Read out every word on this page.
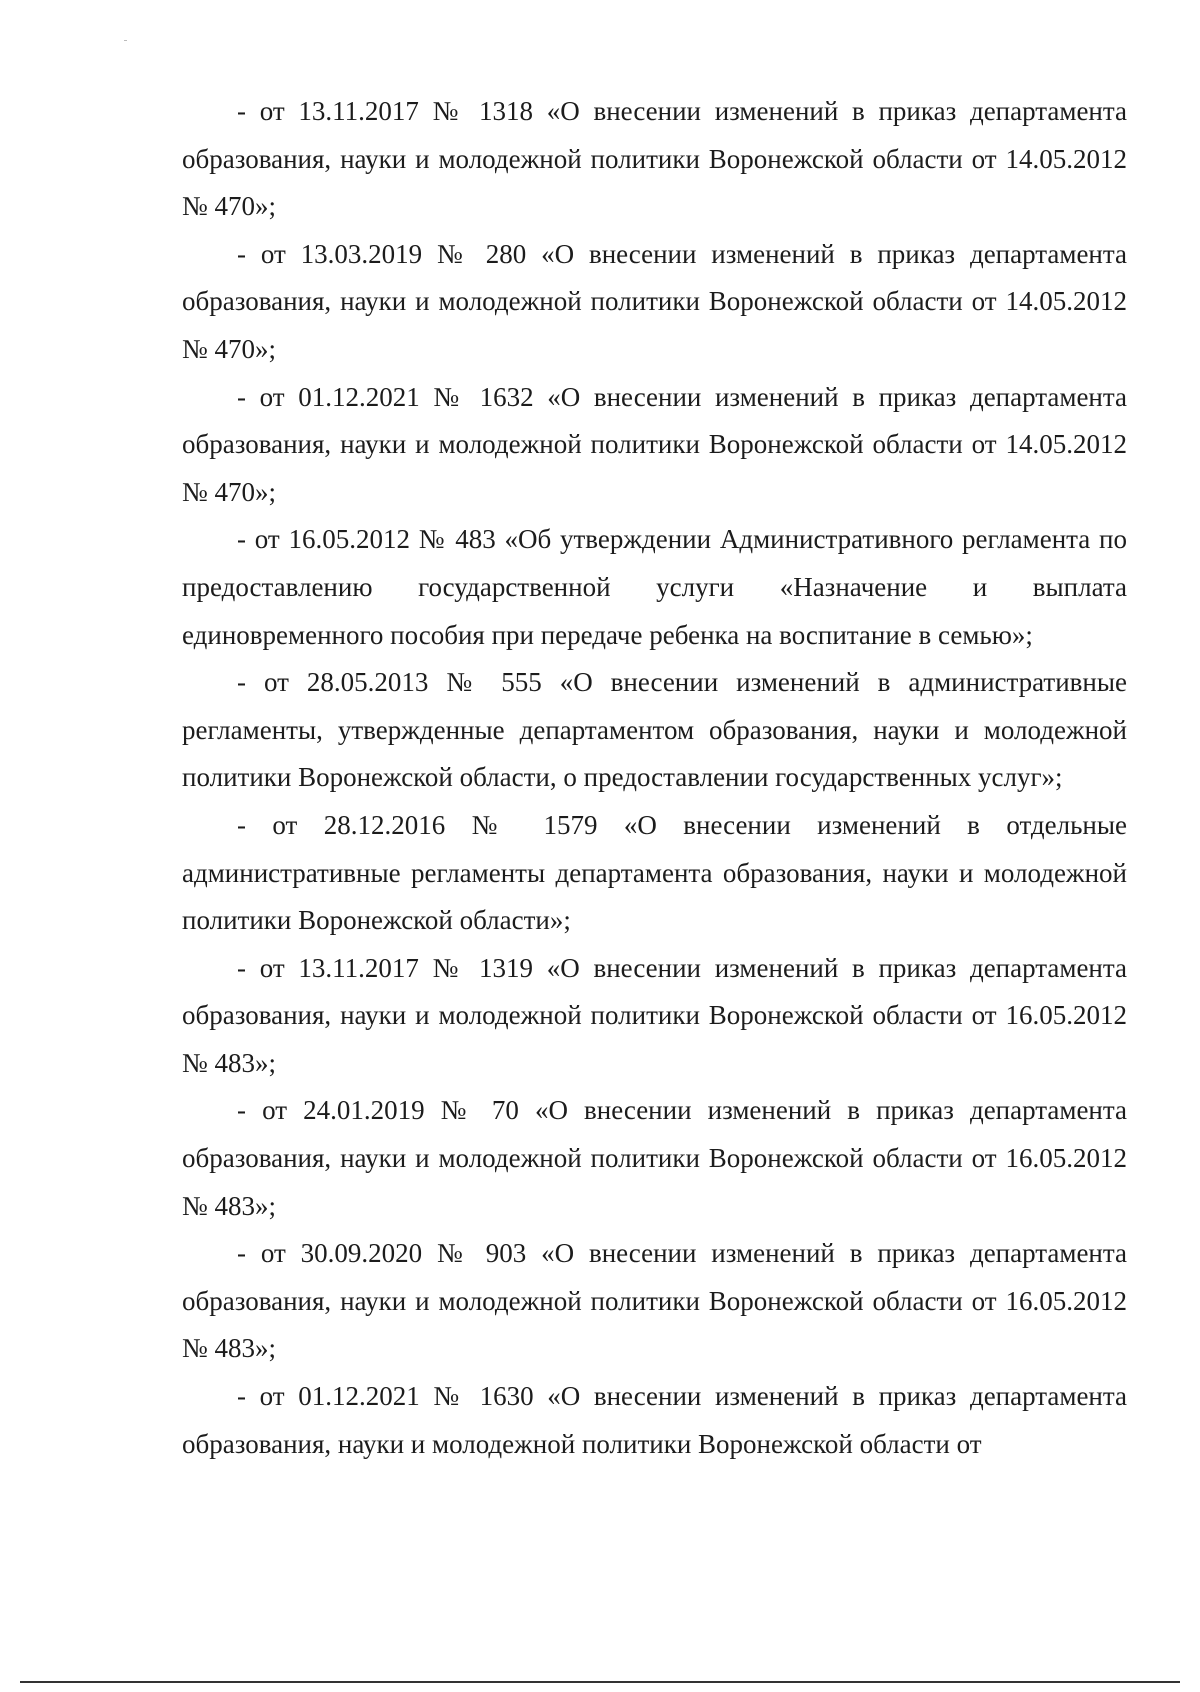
- от 13.11.2017 № 1318 «О внесении изменений в приказ департамента образования, науки и молодежной политики Воронежской области от 14.05.2012 № 470»;

- от 13.03.2019 № 280 «О внесении изменений в приказ департамента образования, науки и молодежной политики Воронежской области от 14.05.2012 № 470»;

- от 01.12.2021 № 1632 «О внесении изменений в приказ департамента образования, науки и молодежной политики Воронежской области от 14.05.2012 № 470»;

- от 16.05.2012 № 483 «Об утверждении Административного регламента по предоставлению государственной услуги «Назначение и выплата единовременного пособия при передаче ребенка на воспитание в семью»;

- от 28.05.2013 № 555 «О внесении изменений в административные регламенты, утвержденные департаментом образования, науки и молодежной политики Воронежской области, о предоставлении государственных услуг»;

- от 28.12.2016 № 1579 «О внесении изменений в отдельные административные регламенты департамента образования, науки и молодежной политики Воронежской области»;

- от 13.11.2017 № 1319 «О внесении изменений в приказ департамента образования, науки и молодежной политики Воронежской области от 16.05.2012 № 483»;

- от 24.01.2019 № 70 «О внесении изменений в приказ департамента образования, науки и молодежной политики Воронежской области от 16.05.2012 № 483»;

- от 30.09.2020 № 903 «О внесении изменений в приказ департамента образования, науки и молодежной политики Воронежской области от 16.05.2012 № 483»;

- от 01.12.2021 № 1630 «О внесении изменений в приказ департамента образования, науки и молодежной политики Воронежской области от
